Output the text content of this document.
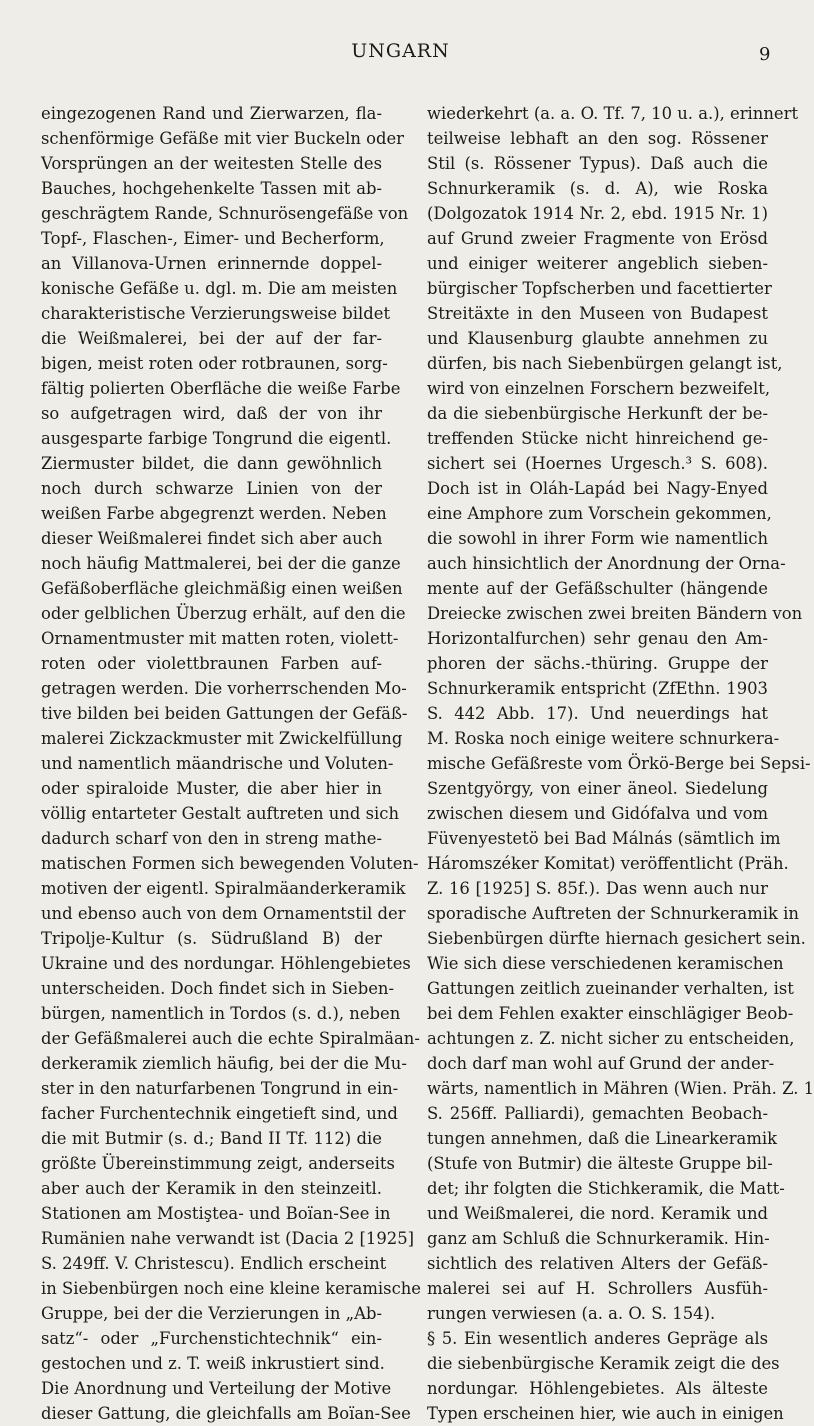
UNGARN	9
eingezogenen Rand und Zierwarzen, fla-
schenförmige Gefäße mit vier Buckeln oder
Vorsprüngen an der weitesten Stelle des
Bauches, hochgehenkelte Tassen mit ab-
geschrägtem Rande, Schnurösengefäße von
Topf-, Flaschen-, Eimer- und Becherform,
an Villanova-Urnen erinnernde doppel-
konische Gefäße u. dgl. m. Die am meisten
charakteristische Verzierungsweise bildet
die Weißmalerei, bei der auf der far-
bigen, meist roten oder rotbraunen, sorg-
fältig polierten Oberfläche die weiße Farbe
so aufgetragen wird, daß der von ihr
ausgesparte farbige Tongrund die eigentl.
Ziermuster bildet, die dann gewöhnlich
noch durch schwarze Linien von der
weißen Farbe abgegrenzt werden. Neben
dieser Weißmalerei findet sich aber auch
noch häufig Mattmalerei, bei der die ganze
Gefäßoberfläche gleichmäßig einen weißen
oder gelblichen Überzug erhält, auf den die
Ornamentmuster mit matten roten, violett-
roten oder violettbraunen Farben auf-
getragen werden. Die vorherrschenden Mo-
tive bilden bei beiden Gattungen der Gefäß-
malerei Zickzackmuster mit Zwickelfüllung
und namentlich mäandrische und Voluten-
oder spiraloide Muster, die aber hier in
völlig entarteter Gestalt auftreten und sich
dadurch scharf von den in streng mathe-
matischen Formen sich bewegenden Voluten-
motiven der eigentl. Spiralmäanderkeramik
und ebenso auch von dem Ornamentstil der
Tripolje-Kultur (s. Südrußland B) der
Ukraine und des nordungar. Höhlengebietes
unterscheiden. Doch findet sich in Sieben-
bürgen, namentlich in Tordos (s. d.), neben
der Gefäßmalerei auch die echte Spiralmäan-
derkeramik ziemlich häufig, bei der die Mu-
ster in den naturfarbenen Tongrund in ein-
facher Furchentechnik eingetieft sind, und
die mit Butmir (s. d.; Band II Tf. 112) die
größte Übereinstimmung zeigt, anderseits
aber auch der Keramik in den steinzeitl.
Stationen am Mostiştea- und Boïan-See in
Rumänien nahe verwandt ist (Dacia 2 [1925]
S. 249ff. V. Christescu). Endlich erscheint
in Siebenbürgen noch eine kleine keramische
Gruppe, bei der die Verzierungen in „Ab-
satz“- oder „Furchenstichtechnik“ ein-
gestochen und z. T. weiß inkrustiert sind.
Die Anordnung und Verteilung der Motive
dieser Gattung, die gleichfalls am Boïan-See
wiederkehrt (a. a. O. Tf. 7, 10 u. a.), erinnert
teilweise lebhaft an den sog. Rössener
Stil (s. Rössener Typus). Daß auch die
Schnurkeramik (s. d. A), wie Roska
(Dolgozatok 1914 Nr. 2, ebd. 1915 Nr. 1)
auf Grund zweier Fragmente von Erösd
und einiger weiterer angeblich sieben-
bürgischer Topfscherben und facettierter
Streitäxte in den Museen von Budapest
und Klausenburg glaubte annehmen zu
dürfen, bis nach Siebenbürgen gelangt ist,
wird von einzelnen Forschern bezweifelt,
da die siebenbürgische Herkunft der be-
treffenden Stücke nicht hinreichend ge-
sichert sei (Hoernes Urgesch.³ S. 608).
Doch ist in Oláh-Lapád bei Nagy-Enyed
eine Amphore zum Vorschein gekommen,
die sowohl in ihrer Form wie namentlich
auch hinsichtlich der Anordnung der Orna-
mente auf der Gefäßschulter (hängende
Dreiecke zwischen zwei breiten Bändern von
Horizontalfurchen) sehr genau den Am-
phoren der sächs.-thüring. Gruppe der
Schnurkeramik entspricht (ZfEthn. 1903
S. 442 Abb. 17). Und neuerdings hat
M. Roska noch einige weitere schnurkera-
mische Gefäßreste vom Örkö-Berge bei Sepsi-
Szentgyörgy, von einer äneol. Siedelung
zwischen diesem und Gidófalva und vom
Füvenyestetö bei Bad Málnás (sämtlich im
Háromszéker Komitat) veröffentlicht (Präh.
Z. 16 [1925] S. 85f.). Das wenn auch nur
sporadische Auftreten der Schnurkeramik in
Siebenbürgen dürfte hiernach gesichert sein.
Wie sich diese verschiedenen keramischen
Gattungen zeitlich zueinander verhalten, ist
bei dem Fehlen exakter einschlägiger Beob-
achtungen z. Z. nicht sicher zu entscheiden,
doch darf man wohl auf Grund der ander-
wärts, namentlich in Mähren (Wien. Präh. Z. 1
S. 256ff. Palliardi), gemachten Beobach-
tungen annehmen, daß die Linearkeramik
(Stufe von Butmir) die älteste Gruppe bil-
det; ihr folgten die Stichkeramik, die Matt-
und Weißmalerei, die nord. Keramik und
ganz am Schluß die Schnurkeramik. Hin-
sichtlich des relativen Alters der Gefäß-
malerei sei auf H. Schrollers Ausfüh-
rungen verwiesen (a. a. O. S. 154).
§ 5. Ein wesentlich anderes Gepräge als
die siebenbürgische Keramik zeigt die des
nordungar. Höhlengebietes. Als älteste
Typen erscheinen hier, wie auch in einigen
